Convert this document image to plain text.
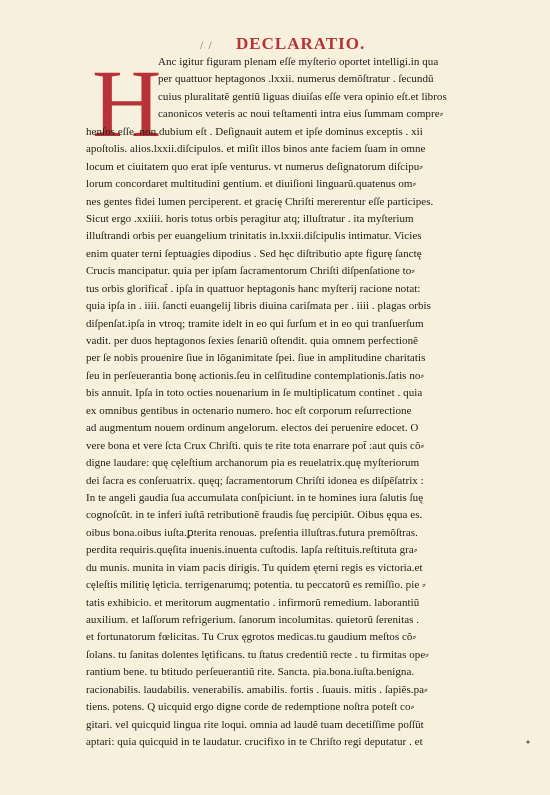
/ / DECLARATIO.
H
Anc igitur figuram plenam eſſe myſterio oportet intelligi.in qua
per quattuor heptagonos .lxxii. numerus demõſtratur . ſecundũ
cuius pluralitatẽ gentiũ liguas diuiſas eſſe vera opinio eſt.et libros
canonicos veteris ac noui teſtamenti intra eius ſummam compre⸗
henſos eſſe. non dubium eſt . Deſignauit autem et ipſe dominus exceptis . xii
apoſtolis. alios.lxxii.diſcipulos. et miſit illos binos ante faciem ſuam in omne
locum et ciuitatem quo erat ipſe venturus. vt numerus deſignatorum diſcipu⸗
lorum concordaret multitudini gentium. et diuiſioni linguarũ.quatenus om⸗
nes gentes fidei lumen perciperent. et gracię Chriſti mererentur eſſe participes.
Sicut ergo .xxiiii. horis totus orbis peragitur atq; illuſtratur . ita myſterium
illuſtrandi orbis per euangelium trinitatis in.lxxii.diſcipulis intimatur. Vicies
enim quater terni ſeptuagies dipodius . Sed hęc diſtributio apte figurę ſanctę
Crucis mancipatur. quia per ipſam ſacramentorum Chriſti diſpenſatione to⸗
tus orbis glorificat̃ . ipſa in quattuor heptagonis hanc myſterij racione notat:
quia ipſa in . iiii. ſancti euangelij libris diuina cariſmata per . iiii . plagas orbis
diſpenſat.ipſa in vtroq; tramite idelt in eo qui ſurſum et in eo qui tranſuerſum
vadit. per duos heptagonos ſexies ſenariũ oſtendit. quia omnem perfectionẽ
per ſe nobis prouenire ſiue in lõganimitate ſpei. ſiue in amplitudine charitatis
ſeu in perſeuerantia bonę actionis.ſeu in celſitudine contemplationis.ſatis no⸗
bis annuit. Ipſa in toto octies nouenarium in ſe multiplicatum continet . quia
ex omnibus gentibus in octenario numero. hoc eſt corporum reſurrectione
ad augmentum nouem ordinum angelorum. electos dei peruenire edocet. O
vere bona et vere ſcta Crux Chriſti. quis te rite tota enarrare pot̃ :aut quis cõ⸗
digne laudare: quę cęleſtium archanorum pia es reuelatrix.quę myſteriorum
dei ſacra es conſeruatrix. quęq; ſacramentorum Chriſti idonea es diſpẽſatrix :
In te angeli gaudia ſua accumulata conſpiciunt. in te homines iura ſalutis ſuę
cognoſcũt. in te inferi iuſtã retributionẽ fraudis ſuę percipiũt. Oibus ęqua es.
oibus bona.oibus iuſta.ꝑterita renouas. preſentia illuſtras.futura premõſtras.
perdita requiris.quęſita inuenis.inuenta cuſtodis. lapſa reſtituis.reſtituta gra⸗
du munis. munita in viam pacis dirigis. Tu quidem ęterni regis es victoria.et
cęleſtis militię lęticia. terrigenarumq; potentia. tu peccatorũ es remiſſio. pie ⸗
tatis exhibicio. et meritorum augmentatio . infirmorũ remedium. laborantiũ
auxilium. et laſſorum refrigerium. ſanorum incolumitas. quietorũ ſerenitas .
et fortunatorum fœlicitas. Tu Crux ęgrotos medicas.tu gaudium meſtos cõ⸗
ſolans. tu ſanitas dolentes lętificans. tu ſtatus credentiũ recte . tu firmitas ope⸗
rantium bene. tu btitudo perſeuerantiũ rite. Sancta. pia.bona.iuſta.benigna.
racionabilis. laudabilis. venerabilis. amabilis. fortis . ſuauis. mitis . ſapiẽs.pa⸗
tiens. potens. Q uicquid ergo digne corde de redemptione noſtra poteſt co⸗
gitari. vel quicquid lingua rite loqui. omnia ad laudẽ tuam decetiſſime poſſũt
aptari: quia quicquid in te laudatur. crucifixo in te Chriſto regi deputatur . et
